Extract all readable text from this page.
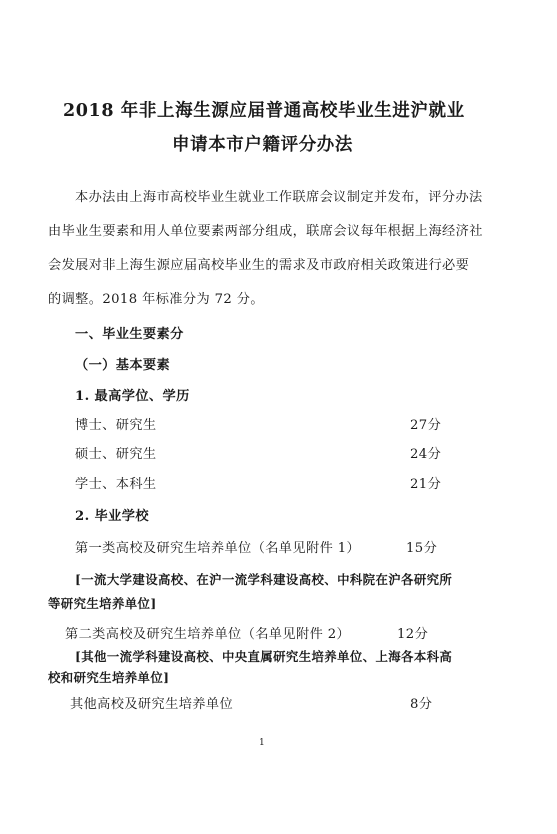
2018 年非上海生源应届普通高校毕业生进沪就业
申请本市户籍评分办法
本办法由上海市高校毕业生就业工作联席会议制定并发布，评分办法
由毕业生要素和用人单位要素两部分组成，联席会议每年根据上海经济社
会发展对非上海生源应届高校毕业生的需求及市政府相关政策进行必要
的调整。2018 年标准分为 72 分。
一、毕业生要素分
（一）基本要素
1. 最高学位、学历
博士、研究生	27分
硕士、研究生	24分
学士、本科生	21分
2. 毕业学校
第一类高校及研究生培养单位（名单见附件 1）	15分
[一流大学建设高校、在沪一流学科建设高校、中科院在沪各研究所
等研究生培养单位]
第二类高校及研究生培养单位（名单见附件 2）	12分
[其他一流学科建设高校、中央直属研究生培养单位、上海各本科高
校和研究生培养单位]
其他高校及研究生培养单位	8分
1
